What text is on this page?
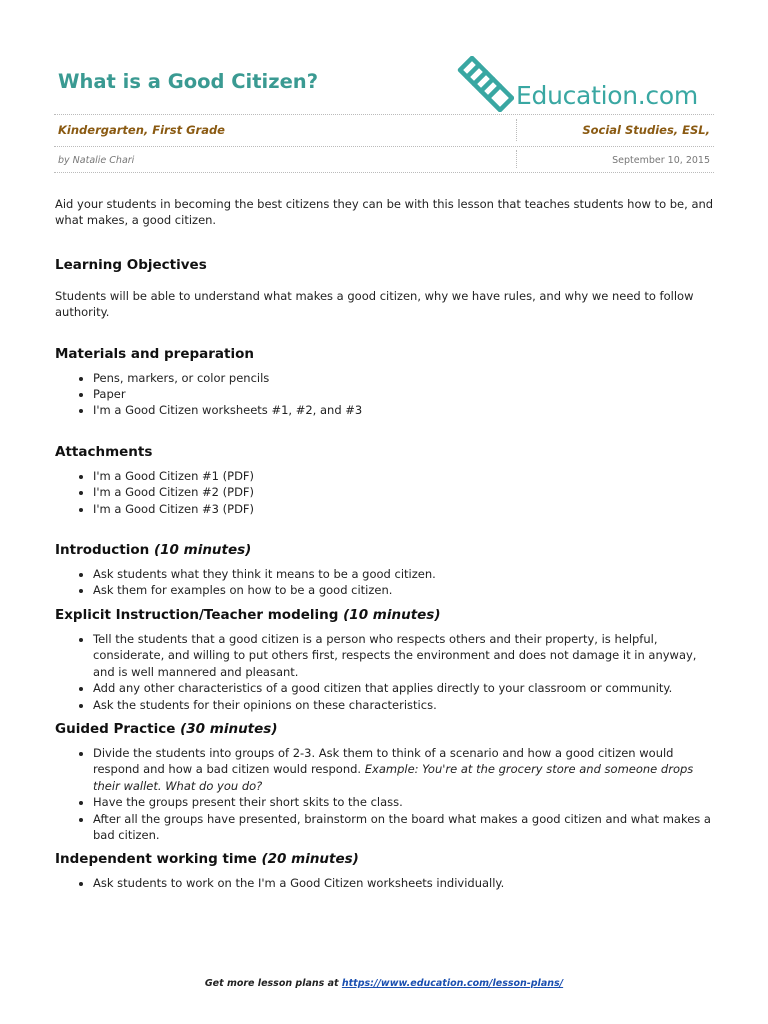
What is a Good Citizen?	Education.com
Kindergarten, First Grade	Social Studies, ESL,
by Natalie Chari	September 10, 2015

Aid your students in becoming the best citizens they can be with this lesson that teaches students how to be, and what makes, a good citizen.

Learning Objectives

Students will be able to understand what makes a good citizen, why we have rules, and why we need to follow authority.

Materials and preparation
• Pens, markers, or color pencils
• Paper
• I'm a Good Citizen worksheets #1, #2, and #3
Attachments
• I'm a Good Citizen #1 (PDF)
• I'm a Good Citizen #2 (PDF)
• I'm a Good Citizen #3 (PDF)
Introduction (10 minutes)
• Ask students what they think it means to be a good citizen.
• Ask them for examples on how to be a good citizen.
Explicit Instruction/Teacher modeling (10 minutes)
• Tell the students that a good citizen is a person who respects others and their property, is helpful, considerate, and willing to put others first, respects the environment and does not damage it in anyway, and is well mannered and pleasant.
• Add any other characteristics of a good citizen that applies directly to your classroom or community.
• Ask the students for their opinions on these characteristics.
Guided Practice (30 minutes)
• Divide the students into groups of 2-3. Ask them to think of a scenario and how a good citizen would respond and how a bad citizen would respond. Example: You're at the grocery store and someone drops their wallet. What do you do?
• Have the groups present their short skits to the class.
• After all the groups have presented, brainstorm on the board what makes a good citizen and what makes a bad citizen.
Independent working time (20 minutes)
• Ask students to work on the I'm a Good Citizen worksheets individually.
Get more lesson plans at https://www.education.com/lesson-plans/
